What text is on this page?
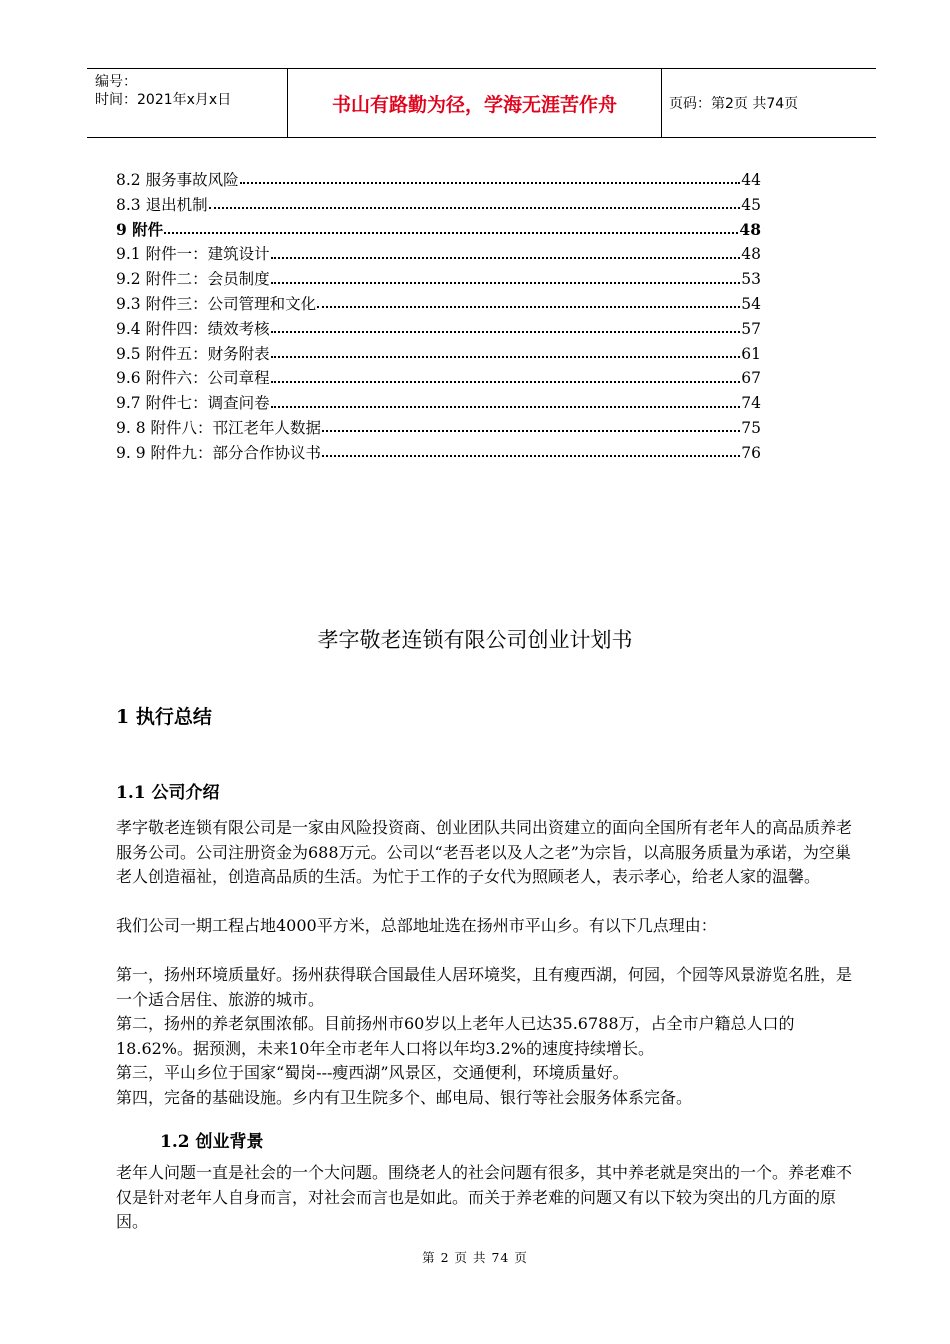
编号：
时间：2021年x月x日	书山有路勤为径，学海无涯苦作舟	页码：第2页 共74页
8.2 服务事故风险	44
8.3 退出机制	45
9 附件	48
9.1 附件一：建筑设计	48
9.2 附件二：会员制度	53
9.3 附件三：公司管理和文化	54
9.4 附件四：绩效考核	57
9.5 附件五：财务附表	61
9.6 附件六：公司章程	67
9.7 附件七：调查问卷	74
9. 8 附件八：邗江老年人数据	75
9. 9 附件九：部分合作协议书	76
孝字敬老连锁有限公司创业计划书
1 执行总结
1.1 公司介绍
孝字敬老连锁有限公司是一家由风险投资商、创业团队共同出资建立的面向全国所有老年人的高品质养老服务公司。公司注册资金为688万元。公司以“老吾老以及人之老”为宗旨，以高服务质量为承诺，为空巢老人创造福祉，创造高品质的生活。为忙于工作的子女代为照顾老人，表示孝心，给老人家的温馨。
我们公司一期工程占地4000平方米，总部地址选在扬州市平山乡。有以下几点理由：
第一，扬州环境质量好。扬州获得联合国最佳人居环境奖，且有瘦西湖，何园，个园等风景游览名胜，是一个适合居住、旅游的城市。
第二，扬州的养老氛围浓郁。目前扬州市60岁以上老年人已达35.6788万，占全市户籍总人口的18.62%。据预测，未来10年全市老年人口将以年均3.2%的速度持续增长。
第三，平山乡位于国家“蜀岗---瘦西湖”风景区，交通便利，环境质量好。
第四，完备的基础设施。乡内有卫生院多个、邮电局、银行等社会服务体系完备。
1.2 创业背景
老年人问题一直是社会的一个大问题。围绕老人的社会问题有很多，其中养老就是突出的一个。养老难不仅是针对老年人自身而言，对社会而言也是如此。而关于养老难的问题又有以下较为突出的几方面的原因。
第 2 页 共 74 页
